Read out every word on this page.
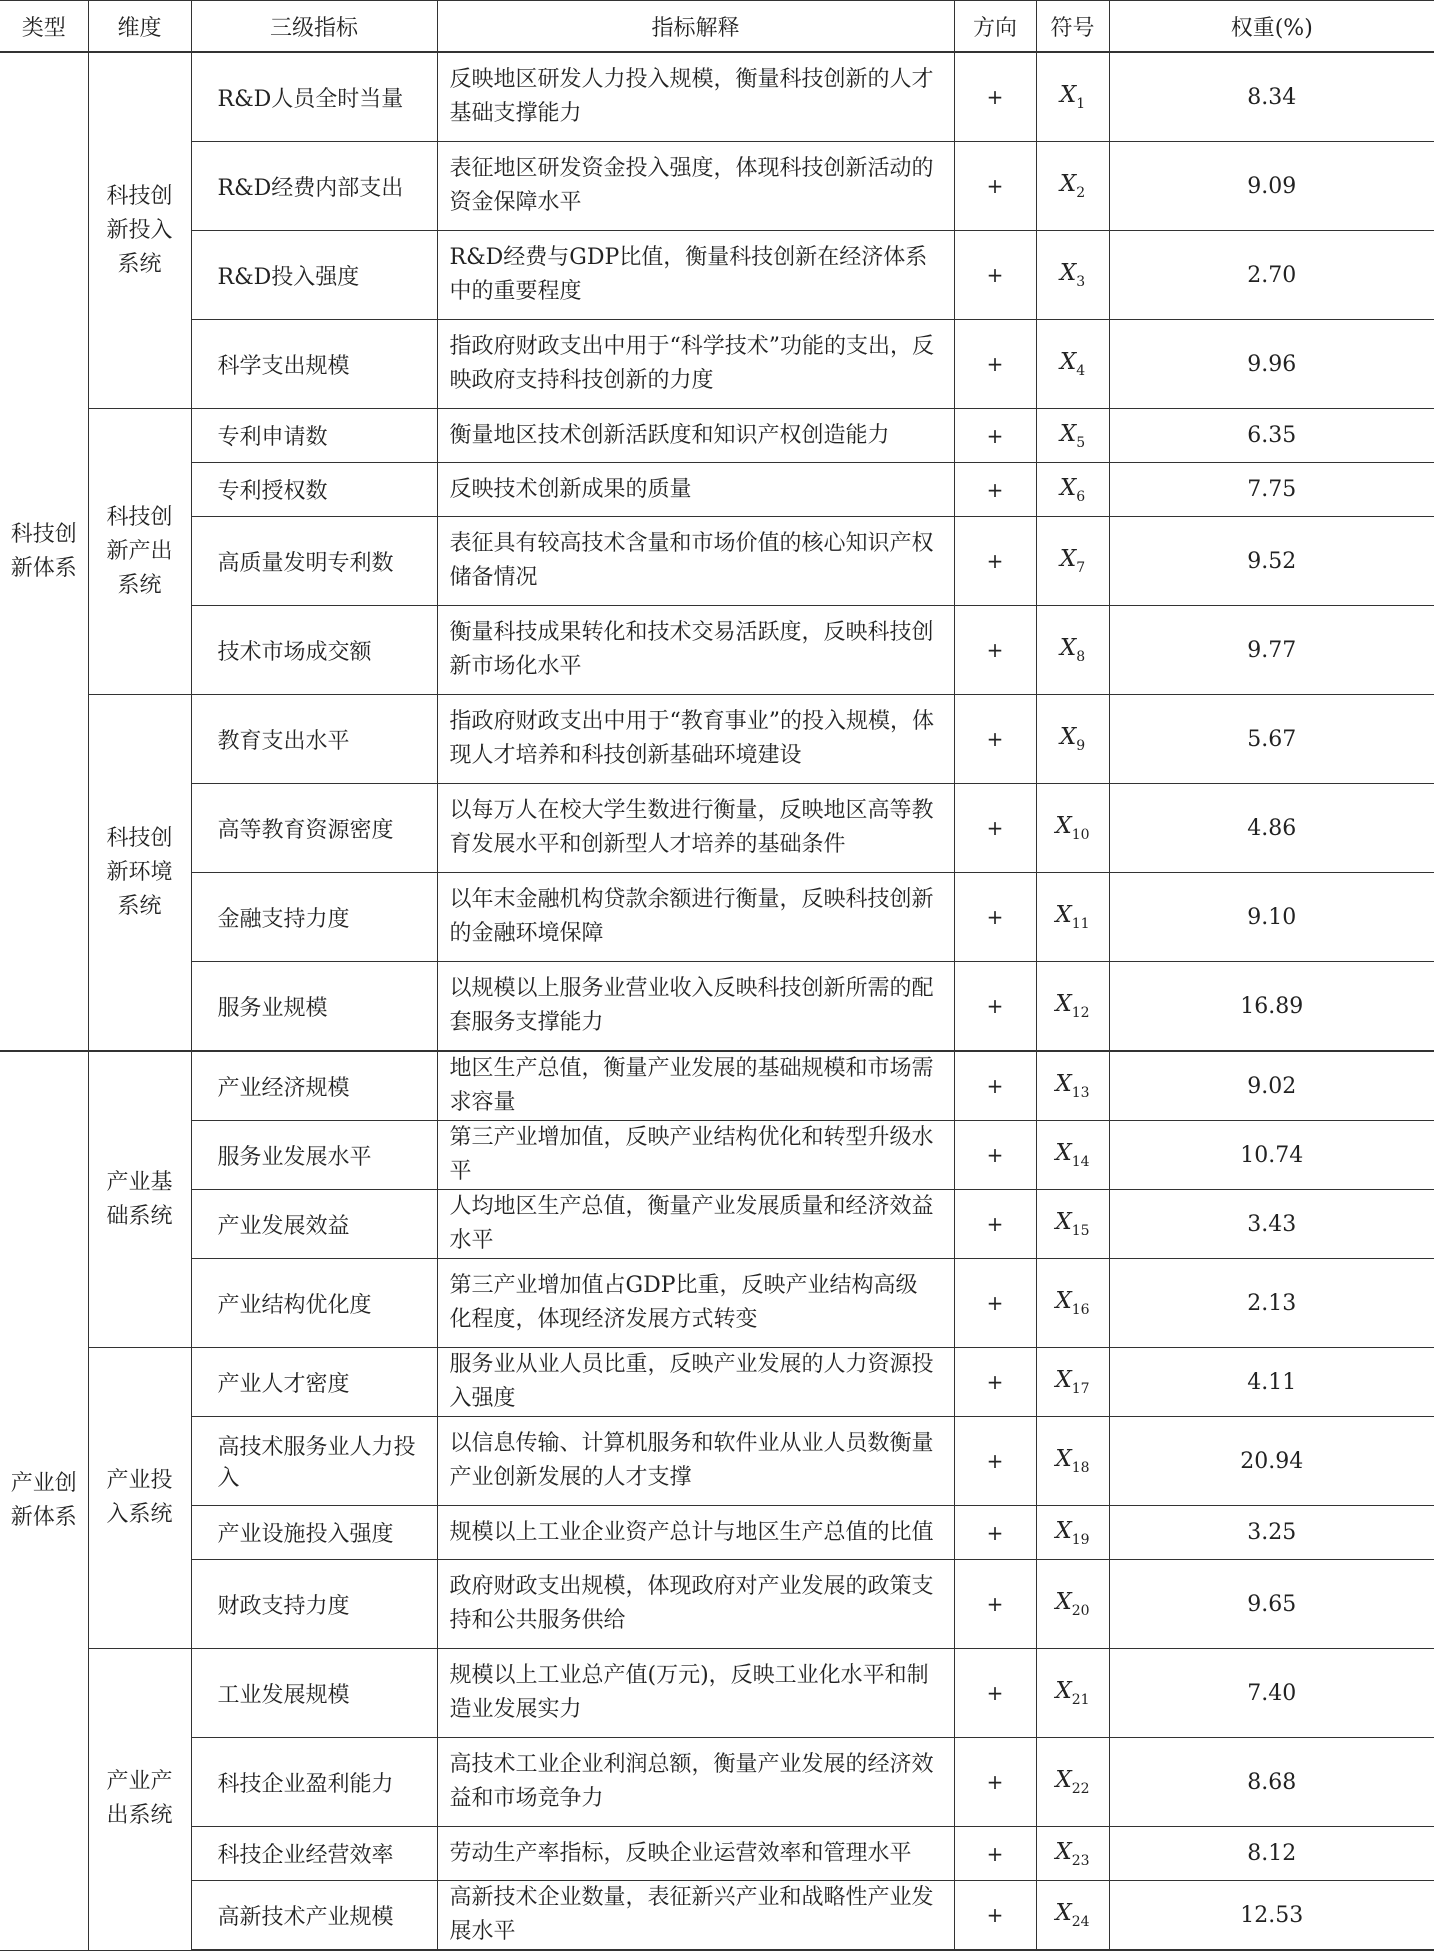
类型	维度	三级指标	指标解释	方向	符号	权重(%)
科技创新体系	科技创新投入系统	R&D人员全时当量	反映地区研发人力投入规模，衡量科技创新的人才基础支撑能力	+	$X_1$	8.34
		R&D经费内部支出	表征地区研发资金投入强度，体现科技创新活动的资金保障水平	+	$X_2$	9.09
		R&D投入强度	R&D经费与GDP比值，衡量科技创新在经济体系中的重要程度	+	$X_3$	2.70
		科学支出规模	指政府财政支出中用于“科学技术”功能的支出，反映政府支持科技创新的力度	+	$X_4$	9.96
	科技创新产出系统	专利申请数	衡量地区技术创新活跃度和知识产权创造能力	+	$X_5$	6.35
		专利授权数	反映技术创新成果的质量	+	$X_6$	7.75
		高质量发明专利数	表征具有较高技术含量和市场价值的核心知识产权储备情况	+	$X_7$	9.52
		技术市场成交额	衡量科技成果转化和技术交易活跃度，反映科技创新市场化水平	+	$X_8$	9.77
	科技创新环境系统	教育支出水平	指政府财政支出中用于“教育事业”的投入规模，体现人才培养和科技创新基础环境建设	+	$X_9$	5.67
		高等教育资源密度	以每万人在校大学生数进行衡量，反映地区高等教育发展水平和创新型人才培养的基础条件	+	$X_{10}$	4.86
		金融支持力度	以年末金融机构贷款余额进行衡量，反映科技创新的金融环境保障	+	$X_{11}$	9.10
		服务业规模	以规模以上服务业营业收入反映科技创新所需的配套服务支撑能力	+	$X_{12}$	16.89
产业创新体系	产业基础系统	产业经济规模	地区生产总值，衡量产业发展的基础规模和市场需求容量	+	$X_{13}$	9.02
		服务业发展水平	第三产业增加值，反映产业结构优化和转型升级水平	+	$X_{14}$	10.74
		产业发展效益	人均地区生产总值，衡量产业发展质量和经济效益水平	+	$X_{15}$	3.43
		产业结构优化度	第三产业增加值占GDP比重，反映产业结构高级化程度，体现经济发展方式转变	+	$X_{16}$	2.13
	产业投入系统	产业人才密度	服务业从业人员比重，反映产业发展的人力资源投入强度	+	$X_{17}$	4.11
		高技术服务业人力投入	以信息传输、计算机服务和软件业从业人员数衡量产业创新发展的人才支撑	+	$X_{18}$	20.94
		产业设施投入强度	规模以上工业企业资产总计与地区生产总值的比值	+	$X_{19}$	3.25
		财政支持力度	政府财政支出规模，体现政府对产业发展的政策支持和公共服务供给	+	$X_{20}$	9.65
	产业产出系统	工业发展规模	规模以上工业总产值(万元)，反映工业化水平和制造业发展实力	+	$X_{21}$	7.40
		科技企业盈利能力	高技术工业企业利润总额，衡量产业发展的经济效益和市场竞争力	+	$X_{22}$	8.68
		科技企业经营效率	劳动生产率指标，反映企业运营效率和管理水平	+	$X_{23}$	8.12
		高新技术产业规模	高新技术企业数量，表征新兴产业和战略性产业发展水平	+	$X_{24}$	12.53
